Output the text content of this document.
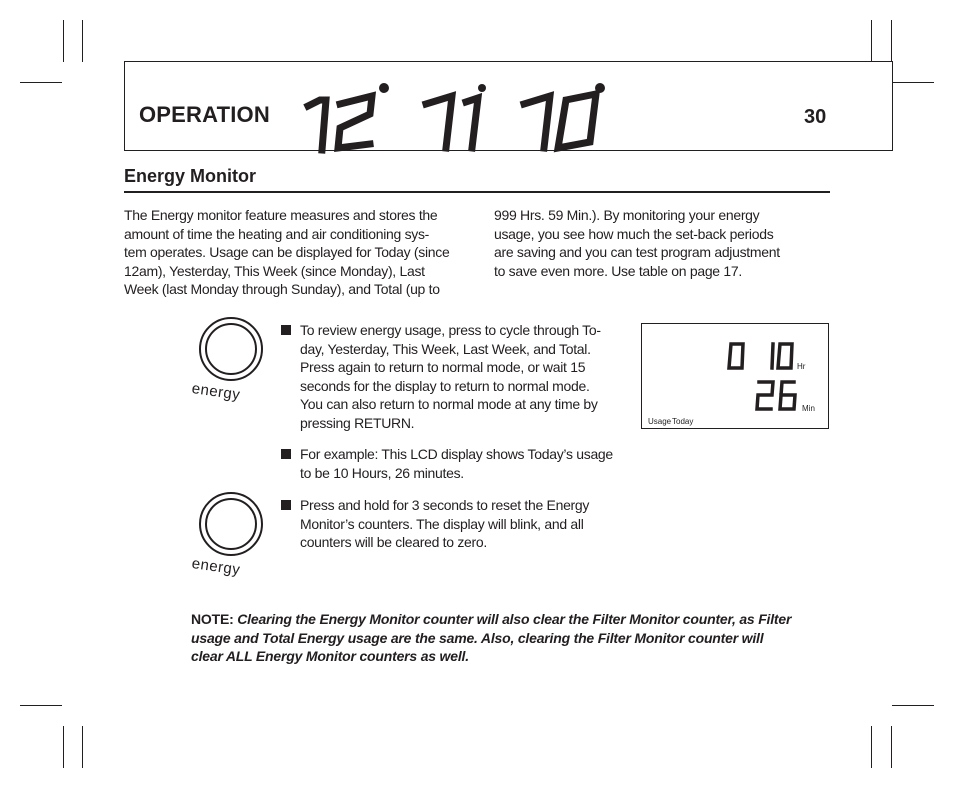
OPERATION	30
Energy Monitor

The Energy monitor feature measures and stores the
amount of time the heating and air conditioning sys-
tem operates. Usage can be displayed for Today (since
12am), Yesterday, This Week (since Monday), Last
Week (last Monday through Sunday), and Total (up to

999 Hrs. 59 Min.). By monitoring your energy
usage, you see how much the set-back periods
are saving and you can test program adjustment
to save even more. Use table on page 17.

energy

To review energy usage, press to cycle through To-
day, Yesterday, This Week, Last Week, and Total.
Press again to return to normal mode, or wait 15
seconds for the display to return to normal mode.
You can also return to normal mode at any time by
pressing RETURN.

For example: This LCD display shows Today’s usage
to be 10 Hours, 26 minutes.

energy

Press and hold for 3 seconds to reset the Energy
Monitor’s counters. The display will blink, and all
counters will be cleared to zero.

Hr
Min
Usage Today
NOTE: Clearing the Energy Monitor counter will also clear the Filter Monitor counter, as Filter
usage and Total Energy usage are the same. Also, clearing the Filter Monitor counter will
clear ALL Energy Monitor counters as well.
